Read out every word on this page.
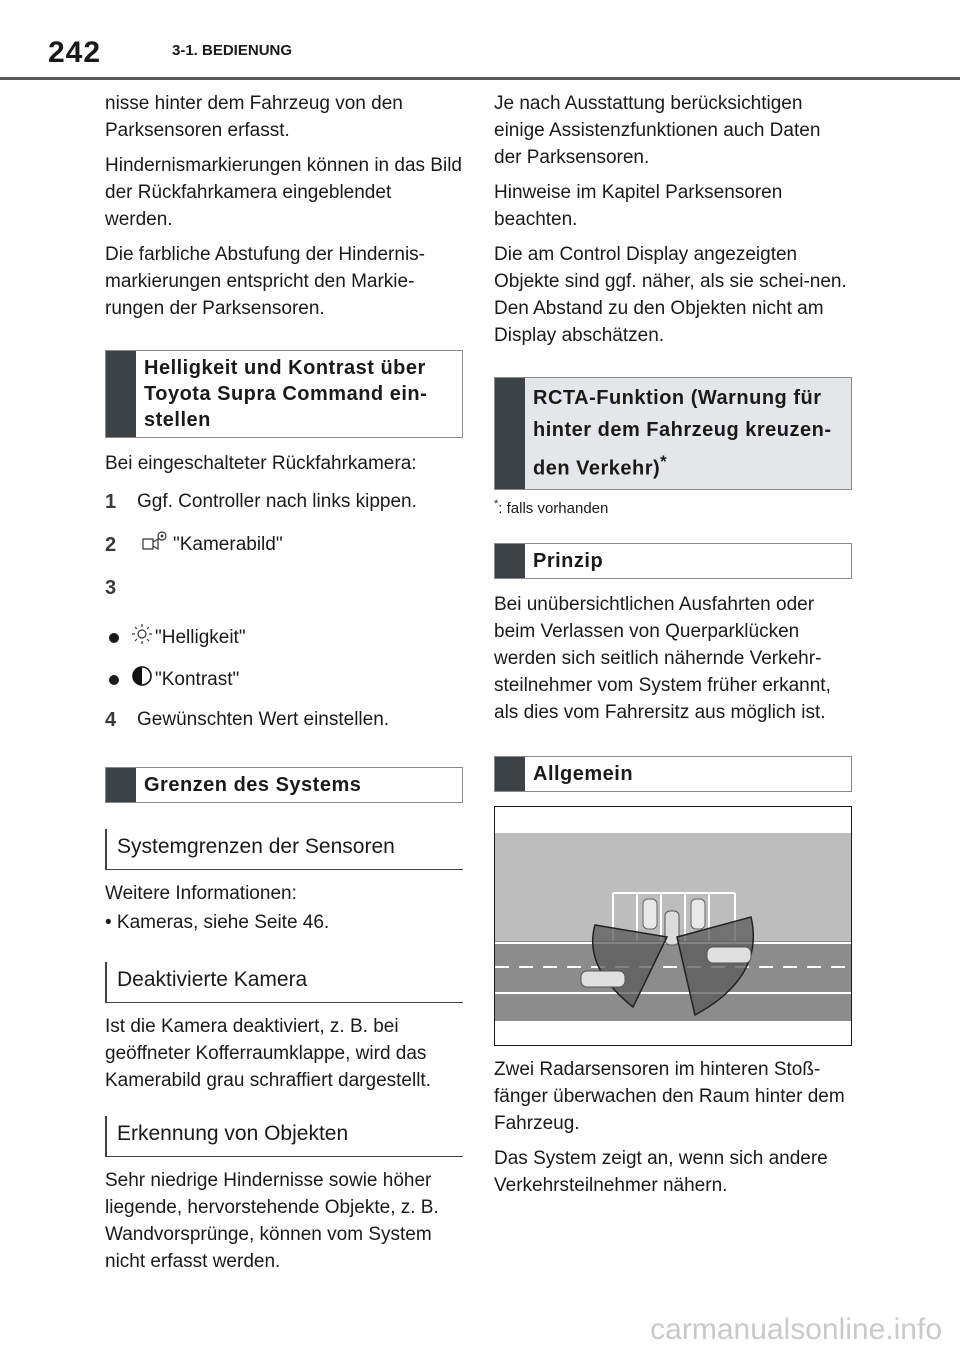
242	3-1. BEDIENUNG

nisse hinter dem Fahrzeug von den Parksensoren erfasst.

Hindernismarkierungen können in das Bild der Rückfahrkamera eingeblendet werden.

Die farbliche Abstufung der Hindernis-markierungen entspricht den Markie-rungen der Parksensoren.

Helligkeit und Kontrast über Toyota Supra Command ein-stellen

Bei eingeschalteter Rückfahrkamera:

1	Ggf. Controller nach links kippen.
2	"Kamerabild"
3
"Helligkeit"
"Kontrast"
4	Gewünschten Wert einstellen.
Grenzen des Systems
Systemgrenzen der Sensoren

Weitere Informationen:

• Kameras, siehe Seite 46.
Deaktivierte Kamera

Ist die Kamera deaktiviert, z. B. bei geöffneter Kofferraumklappe, wird das Kamerabild grau schraffiert dargestellt.

Erkennung von Objekten

Sehr niedrige Hindernisse sowie höher liegende, hervorstehende Objekte, z. B. Wandvorsprünge, können vom System nicht erfasst werden.

Je nach Ausstattung berücksichtigen einige Assistenzfunktionen auch Daten der Parksensoren.

Hinweise im Kapitel Parksensoren beachten.

Die am Control Display angezeigten Objekte sind ggf. näher, als sie schei-nen. Den Abstand zu den Objekten nicht am Display abschätzen.

RCTA-Funktion (Warnung für hinter dem Fahrzeug kreuzen-den Verkehr)*
*: falls vorhanden
Prinzip

Bei unübersichtlichen Ausfahrten oder beim Verlassen von Querparklücken werden sich seitlich nähernde Verkehr-steilnehmer vom System früher erkannt, als dies vom Fahrersitz aus möglich ist.

Allgemein

Zwei Radarsensoren im hinteren Stoß-fänger überwachen den Raum hinter dem Fahrzeug.

Das System zeigt an, wenn sich andere Verkehrsteilnehmer nähern.

carmanualsonline.info
